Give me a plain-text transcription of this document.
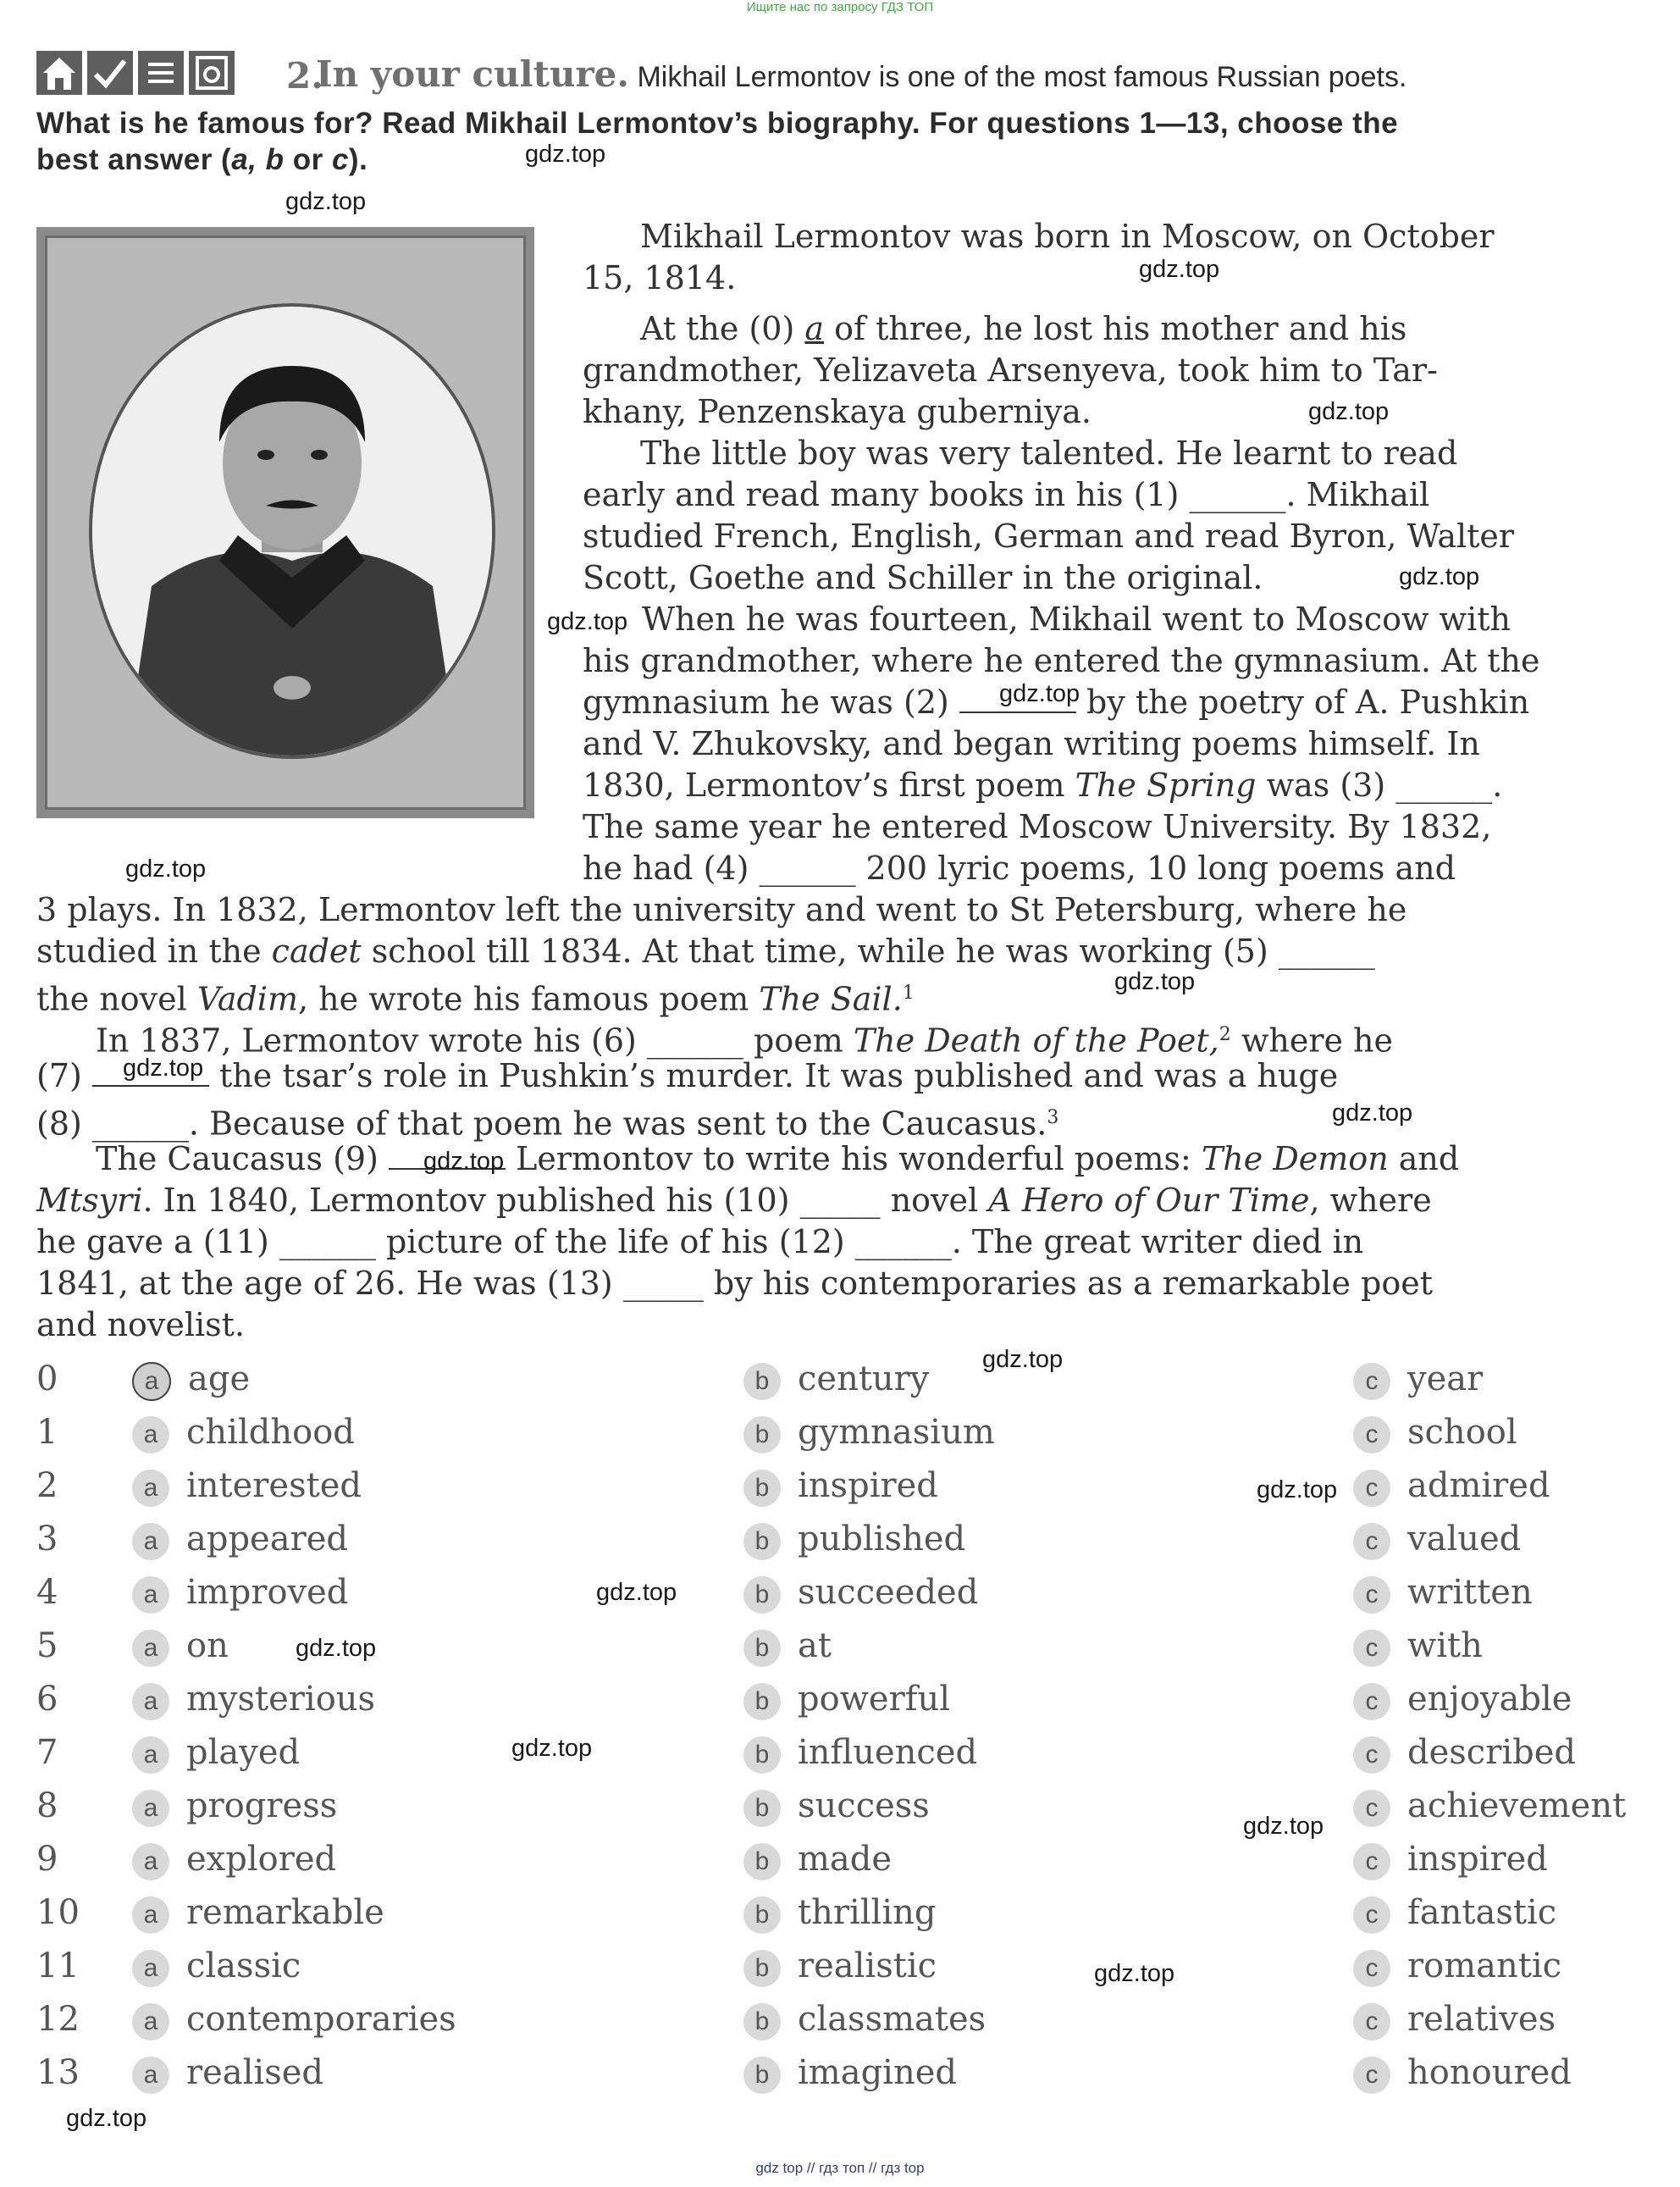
Ищите нас по запросу ГДЗ ТОП
2.
In your culture. Mikhail Lermontov is one of the most famous Russian poets.
What is he famous for? Read Mikhail Lermontov’s biography. For questions 1—13, choose the
best answer (a, b or c).
Mikhail Lermontov was born in Moscow, on October
15, 1814.
At the (0) a of three, he lost his mother and his
grandmother, Yelizaveta Arsenyeva, took him to Tar-
khany, Penzenskaya guberniya.
The little boy was very talented. He learnt to read
early and read many books in his (1) ______. Mikhail
studied French, English, German and read Byron, Walter
Scott, Goethe and Schiller in the original.
When he was fourteen, Mikhail went to Moscow with
his grandmother, where he entered the gymnasium. At the
gymnasium he was (2)	by the poetry of A. Pushkin
and V. Zhukovsky, and began writing poems himself. In
1830, Lermontov’s first poem The Spring was (3) ______.
The same year he entered Moscow University. By 1832,
he had (4) ______ 200 lyric poems, 10 long poems and
3 plays. In 1832, Lermontov left the university and went to St Petersburg, where he
studied in the cadet school till 1834. At that time, while he was working (5) ______
the novel Vadim, he wrote his famous poem The Sail.$^1$
In 1837, Lermontov wrote his (6) ______ poem The Death of the Poet,$^2$ where he
(7)	the tsar’s role in Pushkin’s murder. It was published and was a huge
(8) ______. Because of that poem he was sent to the Caucasus.$^3$
The Caucasus (9)	Lermontov to write his wonderful poems: The Demon and
Mtsyri. In 1840, Lermontov published his (10) _____ novel A Hero of Our Time, where
he gave a (11) ______ picture of the life of his (12) ______. The great writer died in
1841, at the age of 26. He was (13) _____ by his contemporaries as a remarkable poet
and novelist.
0	a age	b century	c year
1	a childhood	b gymnasium	c school
2	a interested	b inspired	c admired
3	a appeared	b published	c valued
4	a improved	b succeeded	c written
5	a on	b at	c with
6	a mysterious	b powerful	c enjoyable
7	a played	b influenced	c described
8	a progress	b success	c achievement
9	a explored	b made	c inspired
10	a remarkable	b thrilling	c fantastic
11	a classic	b realistic	c romantic
12	a contemporaries	b classmates	c relatives
13	a realised	b imagined	c honoured
gdz.top
gdz.top
gdz.top
gdz.top
gdz.top
gdz.top
gdz.top
gdz.top
gdz.top
gdz.top
gdz.top
gdz.top
gdz.top
gdz.top
gdz.top
gdz.top
gdz.top
gdz.top
gdz.top
gdz.top
gdz top // гдз топ // гдз top
